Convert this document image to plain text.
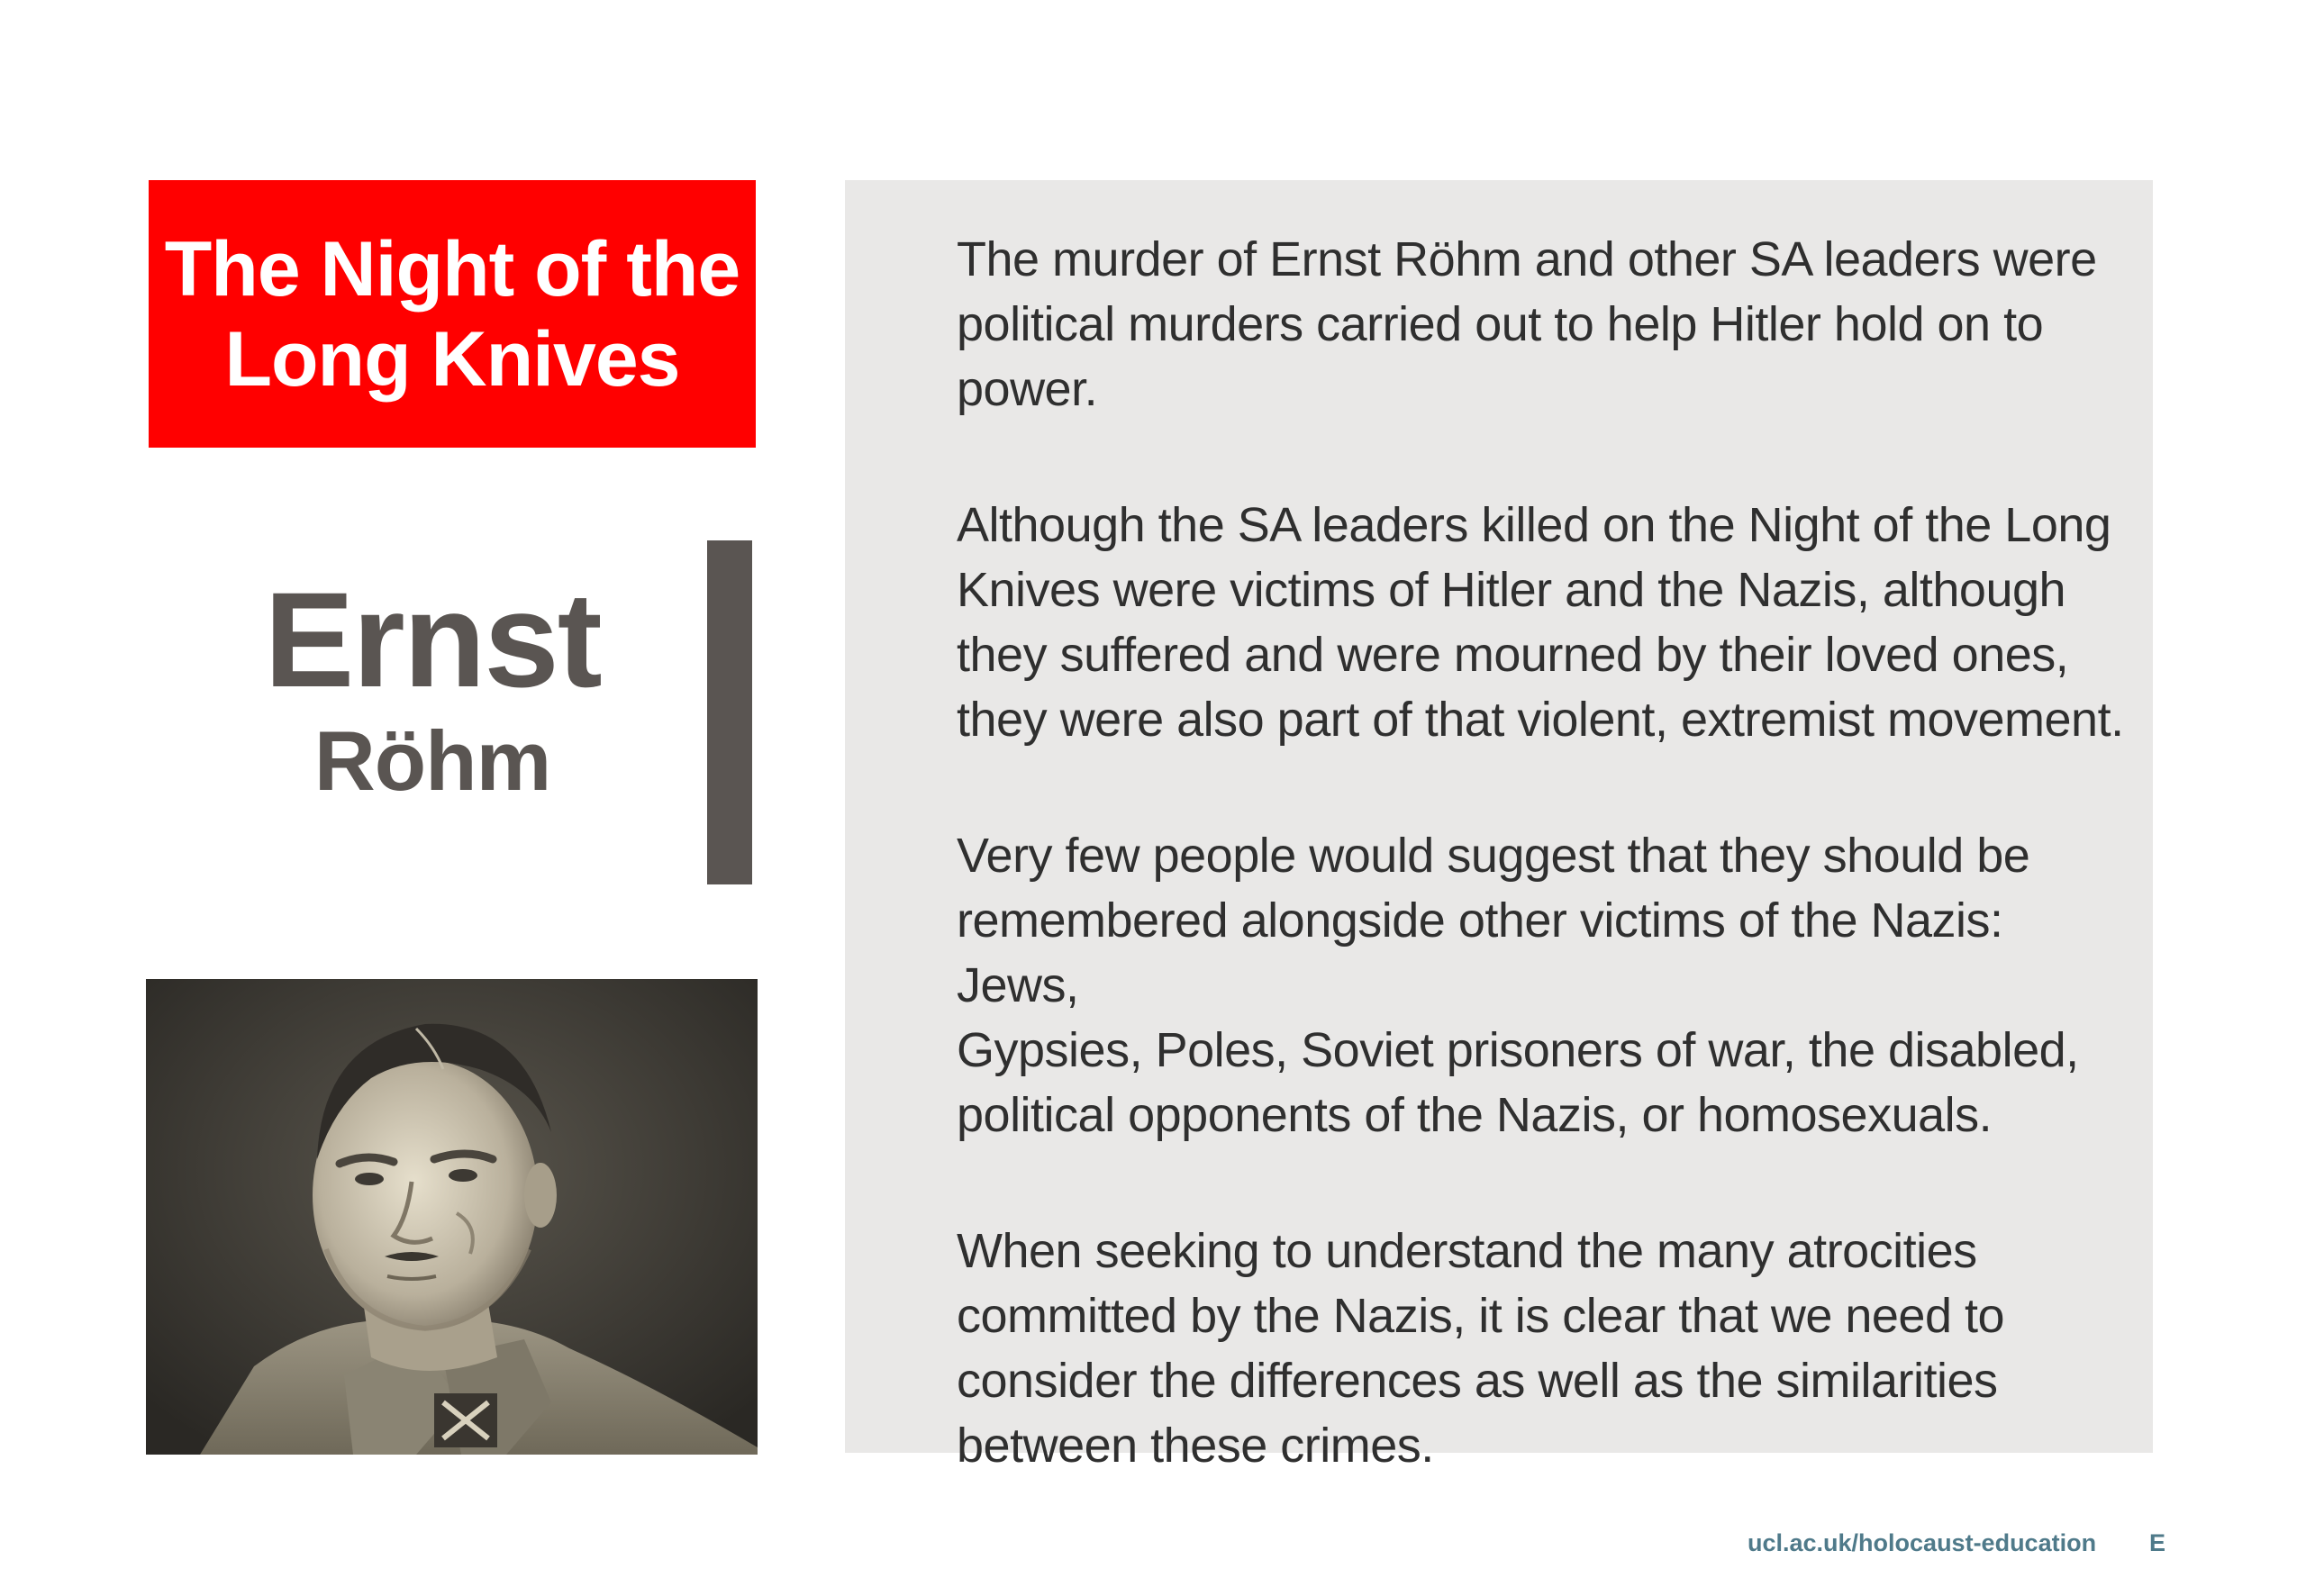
The Night of the
Long Knives
Ernst
Röhm

The murder of Ernst Röhm and other SA leaders were
political murders carried out to help Hitler hold on to
power.

Although the SA leaders killed on the Night of the Long
Knives were victims of Hitler and the Nazis, although
they suffered and were mourned by their loved ones,
they were also part of that violent, extremist movement.

Very few people would suggest that they should be
remembered alongside other victims of the Nazis: Jews,
Gypsies, Poles, Soviet prisoners of war, the disabled,
political opponents of the Nazis, or homosexuals.

When seeking to understand the many atrocities
committed by the Nazis, it is clear that we need to
consider the differences as well as the similarities
between these crimes.

ucl.ac.uk/holocaust-education E
